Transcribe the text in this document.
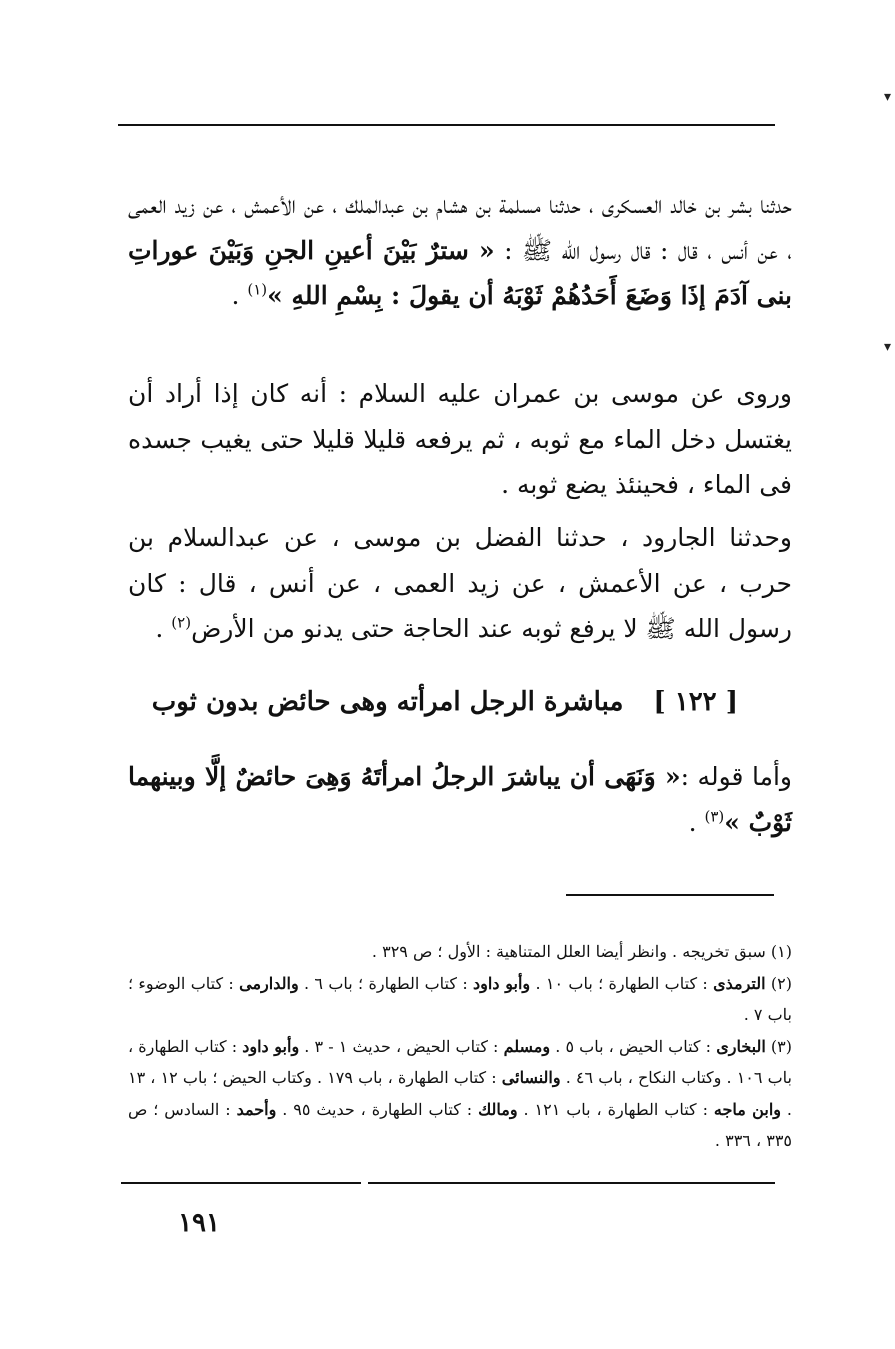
حدثنا بشر بن خالد العسكرى ، حدثنا مسلمة بن هشام بن عبدالملك ، عن الأعمش ، عن زيد العمى ، عن أنس ، قال : قال رسول الله ﷺ : « سترٌ بَيْنَ أعينِ الجنِ وَبَيْنَ عوراتِ بنى آدَمَ إذَا وَضَعَ أَحَدُهُمْ ثَوْبَهُ أن يقولَ : بِسْمِ اللهِ »$^{(١)}$ .

وروى عن موسى بن عمران عليه السلام : أنه كان إذا أراد أن يغتسل دخل الماء مع ثوبه ، ثم يرفعه قليلا قليلا حتى يغيب جسده فى الماء ، فحينئذ يضع ثوبه .

وحدثنا الجارود ، حدثنا الفضل بن موسى ، عن عبدالسلام بن حرب ، عن الأعمش ، عن زيد العمى ، عن أنس ، قال : كان رسول الله ﷺ لا يرفع ثوبه عند الحاجة حتى يدنو من الأرض$^{(٢)}$ .

[ ١٢٢ ]مباشرة الرجل امرأته وهى حائض بدون ثوب

وأما قوله :« وَنَهَى أن يباشرَ الرجلُ امرأتَهُ وَهِىَ حائضٌ إلَّا وبينهما ثَوْبٌ »$^{(٣)}$ .

(١) سبق تخريجه . وانظر أيضا العلل المتناهية : الأول ؛ ص ٣٢٩ .

(٢) الترمذى : كتاب الطهارة ؛ باب ١٠ . وأبو داود : كتاب الطهارة ؛ باب ٦ . والدارمى : كتاب الوضوء ؛ باب ٧ .

(٣) البخارى : كتاب الحيض ، باب ٥ . ومسلم : كتاب الحيض ، حديث ١ - ٣ . وأبو داود : كتاب الطهارة ، باب ١٠٦ . وكتاب النكاح ، باب ٤٦ . والنسائى : كتاب الطهارة ، باب ١٧٩ . وكتاب الحيض ؛ باب ١٢ ، ١٣ . وابن ماجه : كتاب الطهارة ، باب ١٢١ . ومالك : كتاب الطهارة ، حديث ٩٥ . وأحمد : السادس ؛ ص ٣٣٥ ، ٣٣٦ .

١٩١
▾
▾
